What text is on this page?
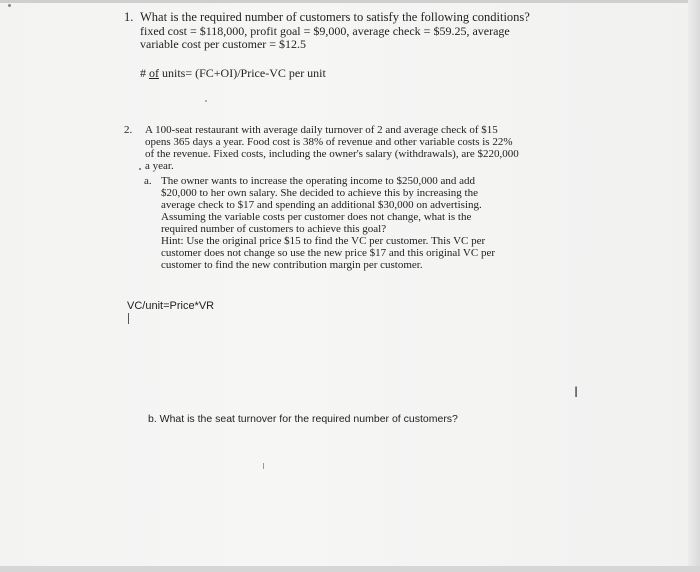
1. What is the required number of customers to satisfy the following conditions?
fixed cost = $118,000, profit goal = $9,000, average check = $59.25, average
variable cost per customer = $12.5
# of units= (FC+OI)/Price-VC per unit
2. A 100-seat restaurant with average daily turnover of 2 and average check of $15
opens 365 days a year. Food cost is 38% of revenue and other variable costs is 22%
of the revenue. Fixed costs, including the owner's salary (withdrawals), are $220,000
a year.
a. The owner wants to increase the operating income to $250,000 and add
$20,000 to her own salary. She decided to achieve this by increasing the
average check to $17 and spending an additional $30,000 on advertising.
Assuming the variable costs per customer does not change, what is the
required number of customers to achieve this goal?
Hint: Use the original price $15 to find the VC per customer. This VC per
customer does not change so use the new price $17 and this original VC per
customer to find the new contribution margin per customer.
VC/unit=Price*VR
I
b. What is the seat turnover for the required number of customers?
